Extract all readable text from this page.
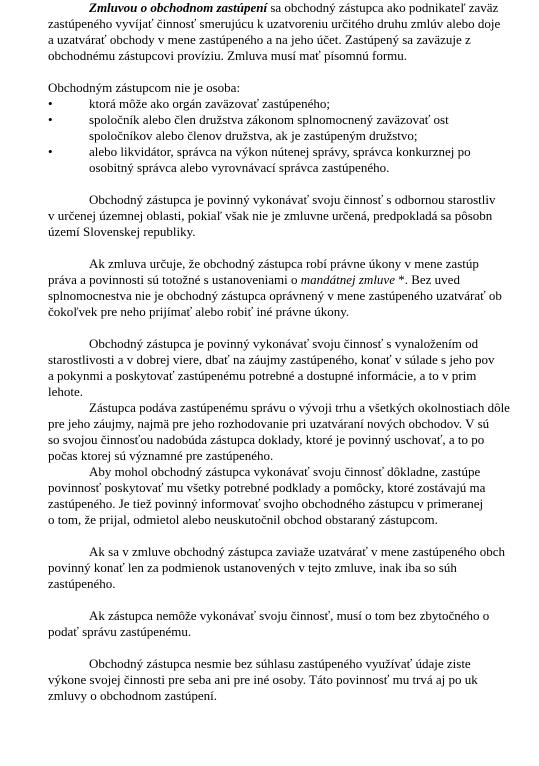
Zmluvou o obchodnom zastúpení sa obchodný zástupca ako podnikateľ zaväz
zastúpeného vyvíjať činnosť smerujúcu k uzatvoreniu určitého druhu zmlúv alebo doje
a uzatvárať obchody v mene zastúpeného a na jeho účet. Zastúpený sa zaväzuje z
obchodnému zástupcovi províziu. Zmluva musí mať písomnú formu.
Obchodným zástupcom nie je osoba:
•	ktorá môže ako orgán zaväzovať zastúpeného;
•	spoločník alebo člen družstva zákonom splnomocnený zaväzovať ost
spoločníkov alebo členov družstva, ak je zastúpeným družstvo;
•	alebo likvidátor, správca na výkon nútenej správy, správca konkurznej po
osobitný správca alebo vyrovnávací správca zastúpeného.
Obchodný zástupca je povinný vykonávať svoju činnosť s odbornou starostliv
v určenej územnej oblasti, pokiaľ však nie je zmluvne určená, predpokladá sa pôsobn
území Slovenskej republiky.
Ak zmluva určuje, že obchodný zástupca robí právne úkony v mene zastúp
práva a povinnosti sú totožné s ustanoveniami o mandátnej zmluve *. Bez uved
splnomocnestva nie je obchodný zástupca oprávnený v mene zastúpeného uzatvárať ob
čokoľvek pre neho prijímať alebo robiť iné právne úkony.
Obchodný zástupca je povinný vykonávať svoju činnosť s vynaložením od
starostlivosti a v dobrej viere, dbať na záujmy zastúpeného, konať v súlade s jeho pov
a pokynmi a poskytovať zastúpenému potrebné a dostupné informácie, a to v prim
lehote.
Zástupca podáva zastúpenému správu o vývoji trhu a všetkých okolnostiach dôle
pre jeho záujmy, najmä pre jeho rozhodovanie pri uzatváraní nových obchodov. V sú
so svojou činnosťou nadobúda zástupca doklady, ktoré je povinný uschovať, a to po
počas ktorej sú významné pre zastúpeného.
Aby mohol obchodný zástupca vykonávať svoju činnosť dôkladne, zastúpe
povinnosť poskytovať mu všetky potrebné podklady a pomôcky, ktoré zostávajú ma
zastúpeného. Je tiež povinný informovať svojho obchodného zástupcu v primeranej
o tom, že prijal, odmietol alebo neuskutočnil obchod obstaraný zástupcom.
Ak sa v zmluve obchodný zástupca zaviaže uzatvárať v mene zastúpeného obch
povinný konať len za podmienok ustanovených v tejto zmluve, inak iba so súh
zastúpeného.
Ak zástupca nemôže vykonávať svoju činnosť, musí o tom bez zbytočného o
podať správu zastúpenému.
Obchodný zástupca nesmie bez súhlasu zastúpeného využívať údaje ziste
výkone svojej činnosti pre seba ani pre iné osoby. Táto povinnosť mu trvá aj po uk
zmluvy o obchodnom zastúpení.
